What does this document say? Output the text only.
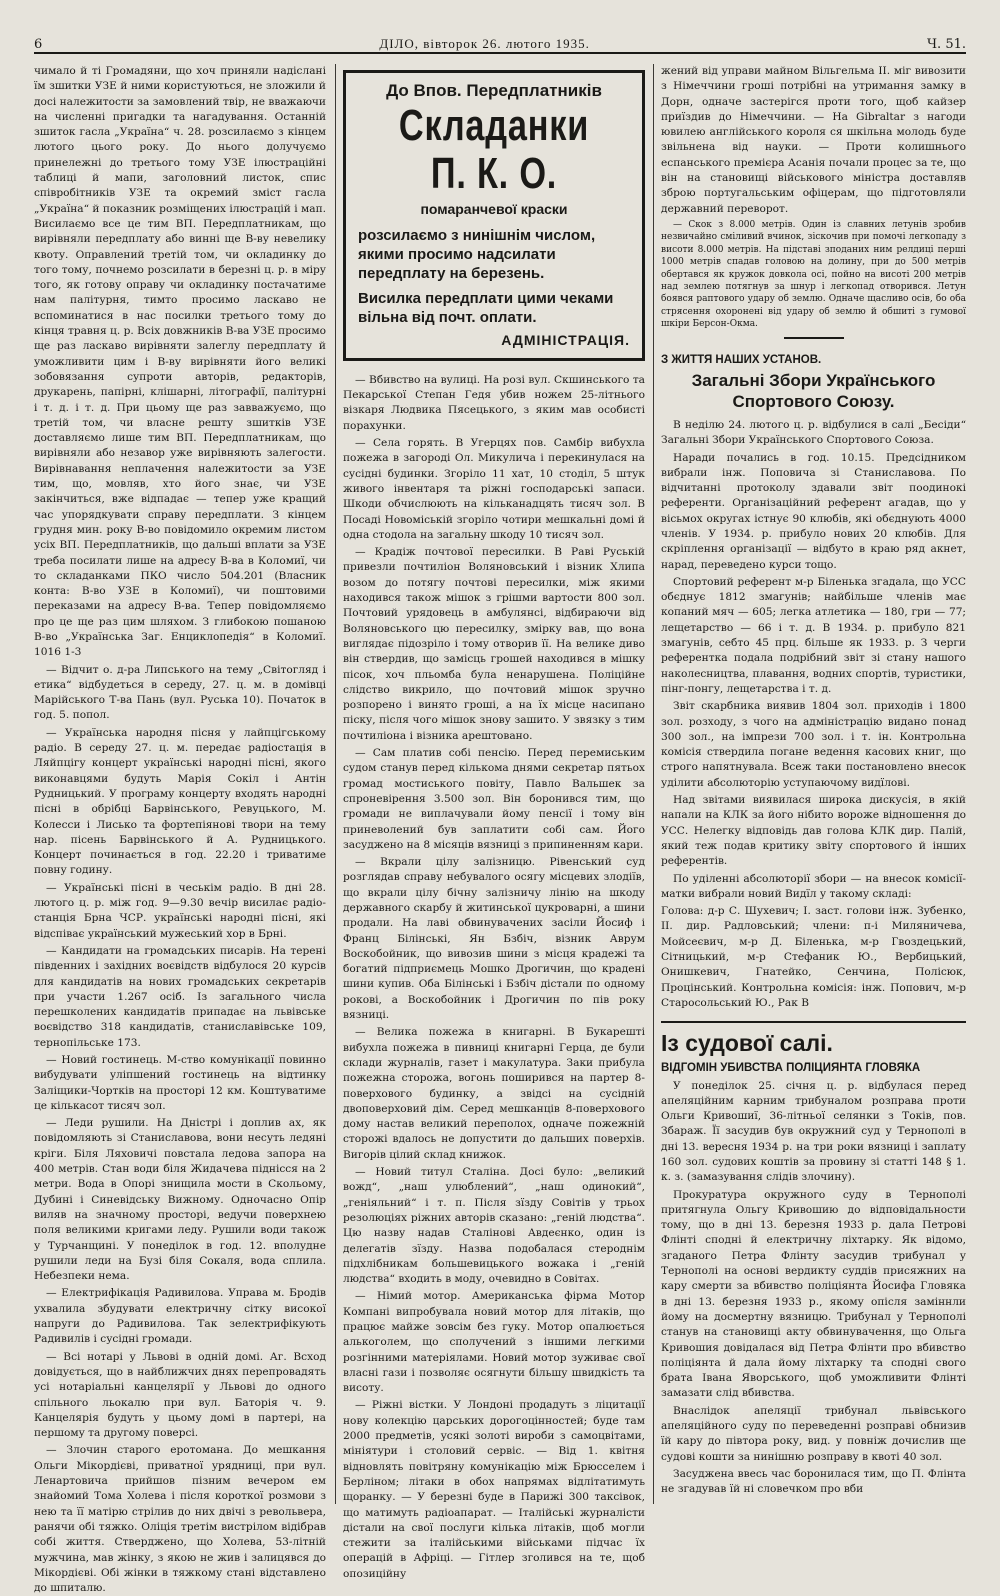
6	ДІЛО, вівторок 26. лютого 1935.	Ч. 51.

чимало й ті Громадяни, що хоч приняли надіслані їм зшитки УЗЕ й ними користуються, не зложили й досі належитости за замовлений твір, не вважаючи на численні пригадки та нагадування. Останній зшиток гасла „Україна“ ч. 28. розсилаємо з кінцем лютого цього року. До нього долучуємо принележні до третього тому УЗЕ ілюстраційні таблиці й мапи, заголовний листок, спис співробітників УЗЕ та окремий зміст гасла „Україна“ й показник розміщених ілюстрацій і мап. Висилаємо все це тим ВП. Передплатникам, що вирівняли передплату або винні ще В-ву невелику квоту. Оправлений третій том, чи окладинку до того тому, почнемо розсилати в березні ц. р. в міру того, як готову оправу чи окладинку постачатиме нам палітурня, тимто просимо ласкаво не вспоминатися в нас посилки третього тому до кінця травня ц. р. Всіх довжників В-ва УЗЕ просимо ще раз ласкаво вирівняти залеглу передплату й уможливити цим і В-ву вирівняти його великі зобовязання супроти авторів, редакторів, друкарень, папірні, клішарні, літографії, палітурні і т. д. і т. д. При цьому ще раз завважуємо, що третій том, чи власне решту зшитків УЗЕ доставляємо лише тим ВП. Передплатникам, що вирівняли або незавор уже вирівняють залегости. Вирівнавання неплачення належитости за УЗЕ тим, що, мовляв, хто його знає, чи УЗЕ закінчиться, вже відпадає — тепер уже кращий час упорядкувати справу передплати. З кінцем грудня мин. року В-во повідомило окремим листом усіх ВП. Передплатників, що дальші вплати за УЗЕ треба посилати лише на адресу В-ва в Коломиї, чи то складанками ПКО число 504.201 (Власник конта: В-во УЗЕ в Коломиї), чи поштовими переказами на адресу В-ва. Тепер повідомляємо про це ще раз цим шляхом. З глибокою пошаною В-во „Українська Заг. Енциклопедія“ в Коломиї. 1016 1-3

— Відчит о. д-ра Липського на тему „Світогляд і етика“ відбудеться в середу, 27. ц. м. в домівці Марійського Т-ва Пань (вул. Руська 10). Початок в год. 5. попол.

— Українська народня пісня у лайпцігському радіо. В середу 27. ц. м. передає радіостація в Ляйпцігу концерт українські народні пісні, якого виконавцями будуть Марія Сокіл і Антін Рудницький. У програму концерту входять народні пісні в обрібці Барвінського, Ревуцького, М. Колесси і Лисько та фортепіянові твори на тему нар. пісень Барвінського й А. Рудницького. Концерт починається в год. 22.20 і триватиме повну годину.

— Українські пісні в чеськім радіо. В дні 28. лютого ц. р. між год. 9—9.30 вечір висилає радіо-станція Брна ЧСР. українські народні пісні, які відспіває український мужеський хор в Брні.

— Кандидати на громадських писарів. На терені південних і західних воєвідств відбулося 20 курсів для кандидатів на нових громадських секретарів при участи 1.267 осіб. Із загального числа перешколених кандидатів припадає на львівське воєвідство 318 кандидатів, станиславівське 109, тернопільське 173.

— Новий гостинець. М-ство комунікації повинно вибудувати уліпшений гостинець на відтинку Заліщики-Чортків на просторі 12 км. Коштуватиме це кількасот тисяч зол.

— Леди рушили. На Дністрі і доплив ах, як повідомляють зі Станиславова, вони несуть ледяні кріги. Біля Ляховичі повстала ледова запора на 400 метрів. Стан води біля Жидачева піднісся на 2 метри. Вода в Опорі знищила мости в Скольому, Дубині і Синевідську Вижному. Одночасно Опір виляв на значному просторі, ведучи поверхнею поля великими кригами леду. Рушили води також у Турчанщині. У понеділок в год. 12. вполудне рушили леди на Бузі біля Сокаля, вода сплила. Небезпеки нема.

— Електрифікація Радивилова. Управа м. Бродів ухвалила збудувати електричну сітку високої напруги до Радивилова. Так зелектрифікують Радивилів і сусідні громади.

— Всі нотарі у Львові в одній домі. Аг. Всход довідується, що в найближчих днях перепровадять усі нотаріальні канцелярії у Львові до одного спільного льокалю при вул. Баторія ч. 9. Канцелярія будуть у цьому домі в партері, на першому та другому поверсі.

— Злочин старого еротомана. До мешкання Ольги Мікордієві, приватної урядниці, при вул. Ленартовича прийшов пізним вечером ем знайомий Тома Холева і після короткої розмови з нею та її матірю стрілив до них двічі з револьвера, ранячи обі тяжко. Оліція третім вистрілом відібрав собі життя. Стверджено, що Холева, 53-літній мужчина, мав жінку, з якою не жив і залицявся до Мікордієві. Обі жінки в тяжкому стані відставлено до шпиталю.

До Впов. Передплатників
Складанки П. К. О.
помаранчевої краски
розсилаємо з нинішнім числом, якими просимо надсилати передплату на березень.
Висилка передплати цими чеками вільна від почт. оплати.
АДМІНІСТРАЦІЯ.

— Вбивство на вулиці. На розі вул. Скшинського та Пекарської Степан Гедя убив ножем 25-літнього візкаря Людвика Пясецького, з яким мав особисті порахунки.

— Села горять. В Угерцях пов. Самбір вибухла пожежа в загороді Ол. Микулича і перекинулася на сусідні будинки. Згоріло 11 хат, 10 стоділ, 5 штук живого інвентаря та ріжні господарські запаси. Шкоди обчислюють на кільканадцять тисяч зол. В Посаді Новоміській згоріло чотири мешкальні домі й одна стодола на загальну шкоду 10 тисяч зол.

— Крадіж почтової пересилки. В Раві Руській привезли почтиліон Воляновський і візник Хлипа возом до потягу почтові пересилки, між якими находився також мішок з грішми вартости 800 зол. Почтовий урядовець в амбулянсі, відбираючи від Воляновського цю пересилку, змірку вав, що вона виглядає підозріло і тому отворив її. На велике диво він ствердив, що замісць грошей находився в мішку пісок, хоч пльомба була ненарушена. Поліційне слідство викрило, що почтовий мішок зручно розпорено і винято гроші, а на їх місце насипано піску, після чого мішок знову зашито. У звязку з тим почтиліона і візника арештовано.

— Сам платив собі пенсію. Перед перемиським судом станув перед кількома днями секретар пятьох громад мостиського повіту, Павло Вальшек за спроневірення 3.500 зол. Він боронився тим, що громади не виплачували йому пенсії і тому він приневолений був заплатити собі сам. Його засуджено на 8 місяців вязниці з припиненням кари.

— Вкрали цілу залізницю. Рівенський суд розглядав справу небувалого осягу місцевих злодіїв, що вкрали цілу бічну залізничу лінію на шкоду державного скарбу й житинської цукроварні, а шини продали. На лаві обвинувачених засіли Йосиф і Франц Білінські, Ян Бзбіч, візник Аврум Воскобойник, що вивозив шини з місця крадежі та богатий підприємець Мошко Дрогичин, що крадені шини купив. Оба Білінські і Бзбіч дістали по одному рокові, а Воскобойник і Дрогичин по пів року вязниці.

— Велика пожежа в книгарні. В Букарешті вибухла пожежа в пивниці книгарні Герца, де були склади журналів, газет і макулатура. Заки прибула пожежна сторожа, вогонь поширився на партер 8-поверхового будинку, а звідсі на сусідній двоповерховий дім. Серед мешканців 8-поверхового дому настав великий переполох, одначе пожежній сторожі вдалось не допустити до дальших поверхів. Вигорів цілий склад книжок.

— Новий титул Сталіна. Досі було: „великий вожд“, „наш улюблений“, „наш одинокий“, „геніяльний“ і т. п. Після зїзду Совітів у трьох резолюціях ріжних авторів сказано: „геній людства“. Цю назву надав Сталінові Авдеєнко, один із делегатів зїзду. Назва подобалася стероднім підхлібникам большевицького вожака і „геній людства“ входить в моду, очевидно в Совітах.

— Німий мотор. Американська фірма Мотор Компані випробувала новий мотор для літаків, що працює майже зовсім без гуку. Мотор опалюється алькоголем, що сполучений з іншими легкими розгінними матеріялами. Новий мотор зуживає свої власні гази і позволяє осягнути більшу швидкість та висоту.

— Ріжні вістки. У Лондоні продадуть з ліцитації нову колекцію царських дорогоцінностей; буде там 2000 предметів, усякі золоті вироби з самоцвітами, мініятури і столовий сервіс. — Від 1. квітня відновлять повітряну комунікацію між Брюсселем і Берліном; літаки в обох напрямах відлітатимуть щоранку. — У березні буде в Парижі 300 таксівок, що матимуть радіоапарат. — Італійські журналісти дістали на свої послуги кілька літаків, щоб могли стежити за італійськими військами підчас їх операцій в Афріці. — Гітлер зголився на те, щоб опозиційну

жений від управи майном Вільгельма ІІ. міг вивозити з Німеччини гроші потрібні на утримання замку в Дорн, одначе застерігся проти того, щоб кайзер приїздив до Німеччини. — На Gibraltar з нагоди ювилею англійського короля ся шкільна молодь буде звільнена від науки. — Проти колишнього еспанського премієра Асанія почали процес за те, що він на становищі військового міністра доставляв зброю португальським офіцерам, що підготовляли державний переворот.

— Скок з 8.000 метрів. Один із славних летунів зробив незвичайно сміливий вчинок, зіскочив при помочі легкопаду з висоти 8.000 метрів. На підставі зподаних ним релдиці перші 1000 метрів спадав головою на долину, при до 500 метрів обертався як кружок довкола осі, пойно на висоті 200 метрів над землею потягнув за шнур і легкопад отворився. Летун боявся раптового удару об землю. Одначе щасливо осів, бо оба стрясення охоронені від удару об землю й обшиті з гумової шкіри Берсон-Окма.

З ЖИТТЯ НАШИХ УСТАНОВ.

Загальні Збори Українського Спортового Союзу.

В неділю 24. лютого ц. р. відбулися в салі „Бесіди“ Загальні Збори Українського Спортового Союза.

Наради почались в год. 10.15. Предсідником вибрали інж. Поповича зі Станиславова. По відчитанні протоколу здавали звіт поодинокі референти. Організаційний референт агадав, що у вісьмох округах істнує 90 клюбів, які обєднують 4000 членів. У 1934. р. прибуло нових 20 клюбів. Для скріплення організації — відбуто в краю ряд акнет, нарад, переведено курси тощо.

Спортовий референт м-р Біленька згадала, що УСС обєднує 1812 змагунів; найбільше членів має копаний мяч — 605; легка атлетика — 180, гри — 77; лещетарство — 66 і т. д. В 1934. р. прибуло 821 змагунів, себто 45 прц. більше як 1933. р. З черги референтка подала подрібний звіт зі стану нашого наколесництва, плавання, водних спортів, туристики, пінг-понгу, лещетарства і т. д.

Звіт скарбника виявив 1804 зол. приходів і 1800 зол. розходу, з чого на адміністрацію видано понад 300 зол., на імпрези 700 зол. і т. ін. Контрольна комісія ствердила погане ведення касових книг, що строго напятнувала. Всеж таки постановлено внесок уділити абсолюторію уступаючому видїлові.

Над звітами виявилася широка дискусія, в якій напали на КЛК за його нібито вороже відношення до УСС. Нелегку відповідь дав голова КЛК дир. Палій, який теж подав критику звіту спортового й інших референтів.

По уділенні абсолюторії збори — на внесок комісії-матки вибрали новий Видїл у такому складі:

Голова: д-р С. Шухевич; І. заст. голови інж. Зубенко, ІІ. дир. Радловський; члени: п-і Миляничева, Мойсеєвич, м-р Д. Біленька, м-р Гвоздецький, Сітницький, м-р Стефаник Ю., Вербицький, Онишкевич, Гнатейко, Сенчина, Полісюк, Процінський. Контрольна комісія: інж. Попович, м-р Старосольський Ю., Рак В

Із судової салі.

ВІДГОМІН УБИВСТВА ПОЛІЦИЯНТА ГЛОВЯКА

У понеділок 25. січня ц. р. відбулася перед апеляційним карним трибуналом розправа проти Ольги Кривошиї, 36-літньої селянки з Токів, пов. Збараж. Її засудив був окружний суд у Тернополі в дні 13. вересня 1934 р. на три роки вязниці і заплату 160 зол. судових коштів за провину зі статті 148 § 1. к. з. (замазування слідів злочину).

Прокуратура окружного суду в Тернополі притягнула Ольгу Кривошию до відповідальности тому, що в дні 13. березня 1933 р. дала Петрові Флінті сподні й електричну лiхтарку. Як відомо, згаданого Петра Флінту засудив трибунал у Тернополі на основі вердикту суддів присяжних на кару смерти за вбивство поліціянта Йосифа Гловяка в дні 13. березня 1933 р., якому опісля заміннли йому на досмертну вязницю. Трибунал у Тернополі станув на становищі акту обвинувачення, що Ольга Кривошия довідалася від Петра Флінти про вбивство поліціянта й дала йому лiхтарку та сподні свого брата Івана Яворського, щоб уможливити Флінті замазати слід вбивства.

Внаслідок апеляції трибунал львівського апеляційного суду по переведенні розправі обнизив їй кару до півтора року, вид. у повніж дочислив ще судові кошти за нинішню розправу в квоті 40 зол.

Засуджена ввесь час боронилася тим, що П. Флінта не згадував їй ні словечком про вби
